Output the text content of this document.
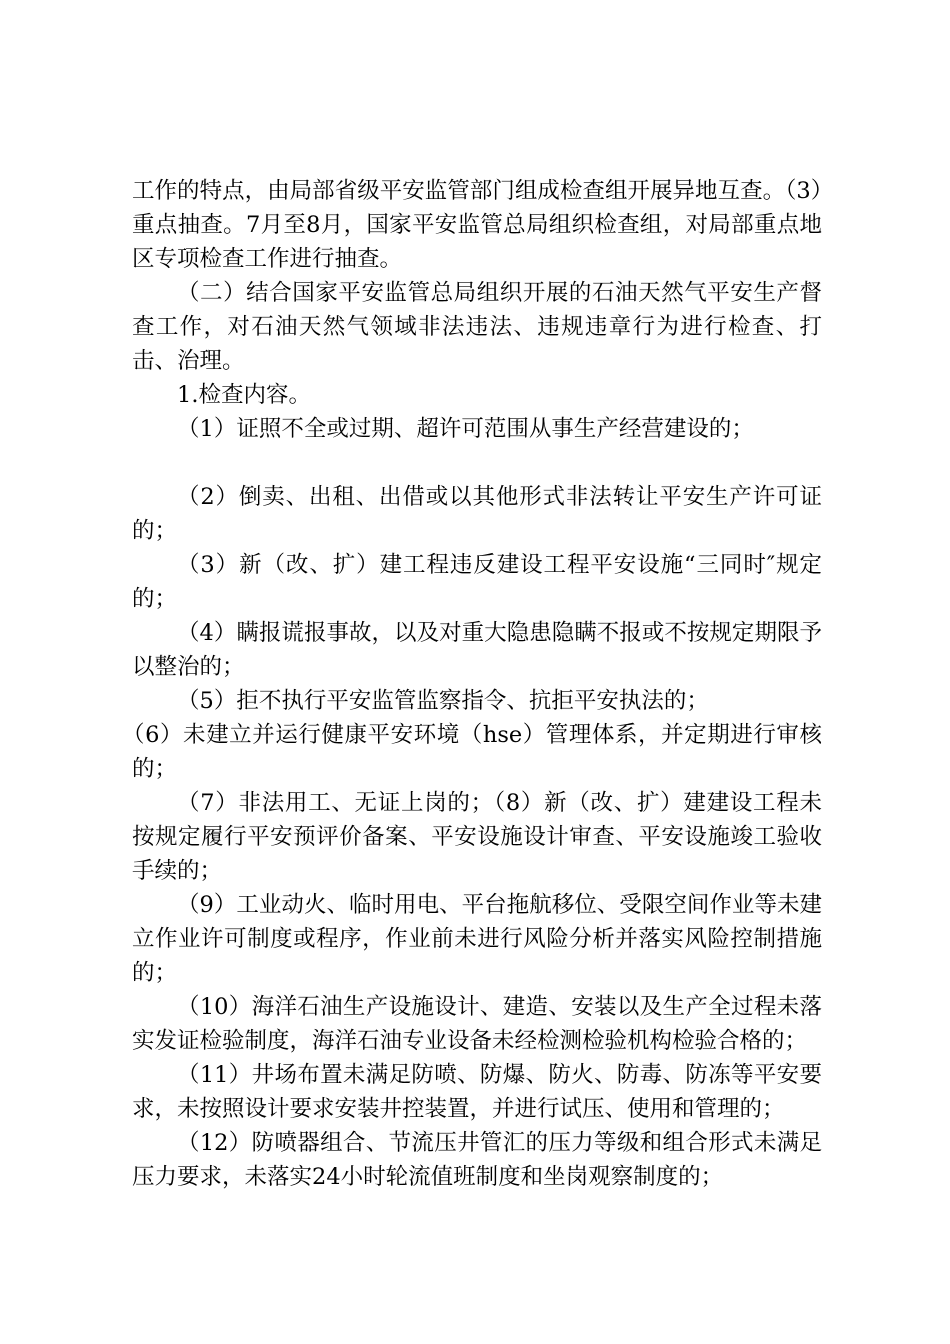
工作的特点，由局部省级平安监管部门组成检查组开展异地互查。（3）重点抽查。7月至8月，国家平安监管总局组织检查组，对局部重点地区专项检查工作进行抽查。

（二）结合国家平安监管总局组织开展的石油天然气平安生产督查工作，对石油天然气领域非法违法、违规违章行为进行检查、打击、治理。

1.检查内容。

（1）证照不全或过期、超许可范围从事生产经营建设的；

（2）倒卖、出租、出借或以其他形式非法转让平安生产许可证的；

（3）新（改、扩）建工程违反建设工程平安设施“三同时″规定的；

（4）瞒报谎报事故，以及对重大隐患隐瞒不报或不按规定期限予以整治的；

（5）拒不执行平安监管监察指令、抗拒平安执法的；

（6）未建立并运行健康平安环境（hse）管理体系，并定期进行审核的；

（7）非法用工、无证上岗的；（8）新（改、扩）建建设工程未按规定履行平安预评价备案、平安设施设计审查、平安设施竣工验收手续的；

（9）工业动火、临时用电、平台拖航移位、受限空间作业等未建立作业许可制度或程序，作业前未进行风险分析并落实风险控制措施的；

（10）海洋石油生产设施设计、建造、安装以及生产全过程未落实发证检验制度，海洋石油专业设备未经检测检验机构检验合格的；

（11）井场布置未满足防喷、防爆、防火、防毒、防冻等平安要求，未按照设计要求安装井控装置，并进行试压、使用和管理的；

（12）防喷器组合、节流压井管汇的压力等级和组合形式未满足压力要求，未落实24小时轮流值班制度和坐岗观察制度的；
